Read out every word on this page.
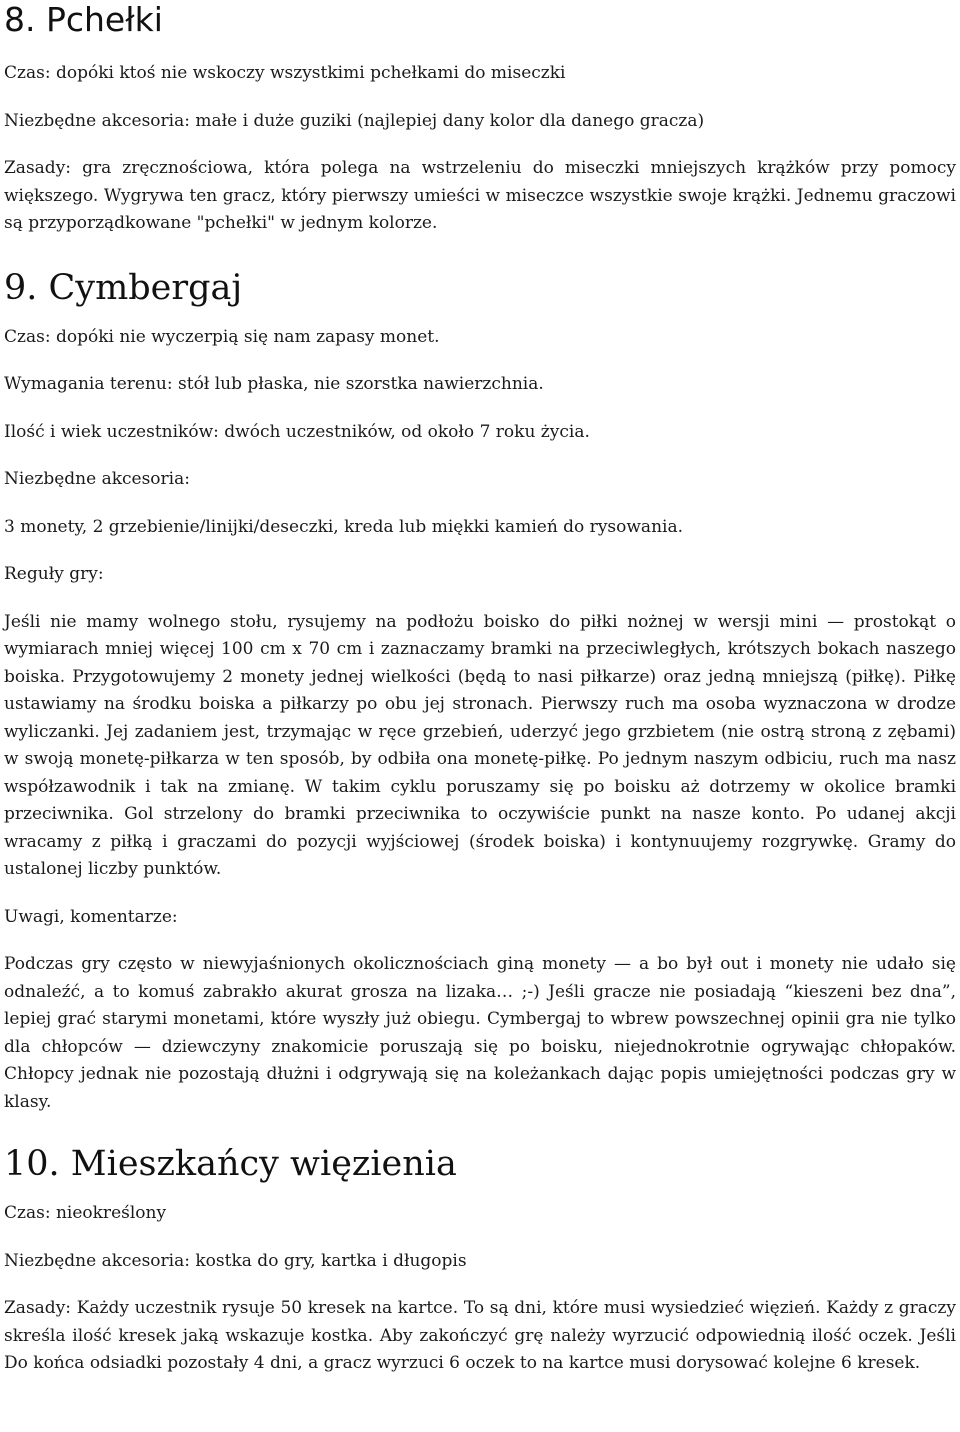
8. Pchełki

Czas: dopóki ktoś nie wskoczy wszystkimi pchełkami do miseczki

Niezbędne akcesoria: małe i duże guziki (najlepiej dany kolor dla danego gracza)

Zasady: gra zręcznościowa, która polega na wstrzeleniu do miseczki mniejszych krążków przy pomocy większego. Wygrywa ten gracz, który pierwszy umieści w miseczce wszystkie swoje krążki. Jednemu graczowi są przyporządkowane "pchełki" w jednym kolorze.

9. Cymbergaj

Czas: dopóki nie wyczerpią się nam zapasy monet.

Wymagania terenu: stół lub płaska, nie szorstka nawierzchnia.

Ilość i wiek uczestników: dwóch uczestników, od około 7 roku życia.

Niezbędne akcesoria:

3 monety, 2 grzebienie/linijki/deseczki, kreda lub miękki kamień do rysowania.

Reguły gry:

Jeśli nie mamy wolnego stołu, rysujemy na podłożu boisko do piłki nożnej w wersji mini — prostokąt o wymiarach mniej więcej 100 cm x 70 cm i zaznaczamy bramki na przeciwległych, krótszych bokach naszego boiska. Przygotowujemy 2 monety jednej wielkości (będą to nasi piłkarze) oraz jedną mniejszą (piłkę). Piłkę ustawiamy na środku boiska a piłkarzy po obu jej stronach. Pierwszy ruch ma osoba wyznaczona w drodze wyliczanki. Jej zadaniem jest, trzymając w ręce grzebień, uderzyć jego grzbietem (nie ostrą stroną z zębami) w swoją monetę-piłkarza w ten sposób, by odbiła ona monetę-piłkę. Po jednym naszym odbiciu, ruch ma nasz współzawodnik i tak na zmianę. W takim cyklu poruszamy się po boisku aż dotrzemy w okolice bramki przeciwnika. Gol strzelony do bramki przeciwnika to oczywiście punkt na nasze konto. Po udanej akcji wracamy z piłką i graczami do pozycji wyjściowej (środek boiska) i kontynuujemy rozgrywkę. Gramy do ustalonej liczby punktów.

Uwagi, komentarze:

Podczas gry często w niewyjaśnionych okolicznościach giną monety — a bo był out i monety nie udało się odnaleźć, a to komuś zabrakło akurat grosza na lizaka… ;-) Jeśli gracze nie posiadają “kieszeni bez dna”, lepiej grać starymi monetami, które wyszły już obiegu. Cymbergaj to wbrew powszechnej opinii gra nie tylko dla chłopców — dziewczyny znakomicie poruszają się po boisku, niejednokrotnie ogrywając chłopaków. Chłopcy jednak nie pozostają dłużni i odgrywają się na koleżankach dając popis umiejętności podczas gry w klasy.

10. Mieszkańcy więzienia

Czas: nieokreślony

Niezbędne akcesoria: kostka do gry, kartka i długopis

Zasady: Każdy uczestnik rysuje 50 kresek na kartce. To są dni, które musi wysiedzieć więzień. Każdy z graczy skreśla ilość kresek jaką wskazuje kostka. Aby zakończyć grę należy wyrzucić odpowiednią ilość oczek. Jeśli Do końca odsiadki pozostały 4 dni, a gracz wyrzuci 6 oczek to na kartce musi dorysować kolejne 6 kresek.
